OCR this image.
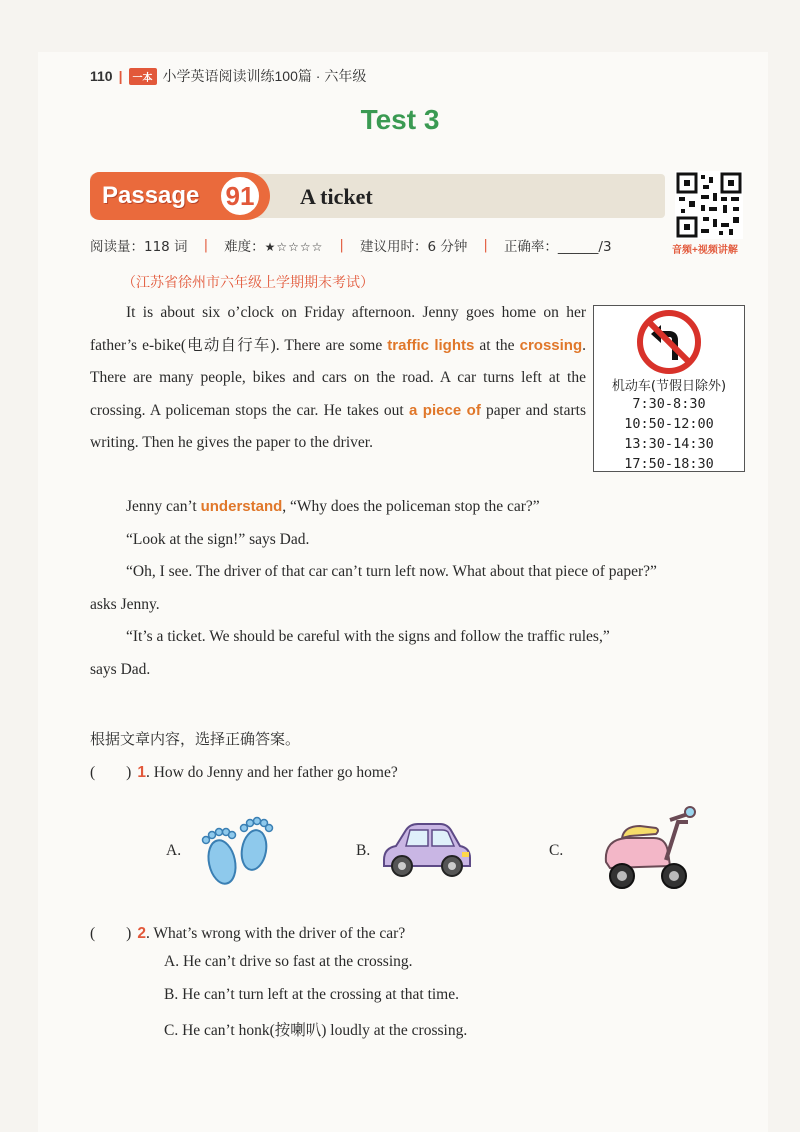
110 |	一本 小学英语阅读训练100篇 · 六年级
Test 3
Passage 91	A ticket
音频+视频讲解
阅读量：118 词 | 难度：★☆☆☆☆ | 建议用时：6 分钟 | 正确率：______/3
（江苏省徐州市六年级上学期期末考试）
It is about six o’clock on Friday afternoon. Jenny goes home on her father’s e-bike(电动自行车). There are some traffic lights at the crossing. There are many people, bikes and cars on the road. A car turns left at the crossing. A policeman stops the car. He takes out a piece of paper and starts writing. Then he gives the paper to the driver.
机动车(节假日除外)
7:30-8:30
10:50-12:00
13:30-14:30
17:50-18:30
Jenny can’t understand, “Why does the policeman stop the car?”
“Look at the sign!” says Dad.
“Oh, I see. The driver of that car can’t turn left now. What about that piece of paper?”
asks Jenny.
“It’s a ticket. We should be careful with the signs and follow the traffic rules,”
says Dad.
根据文章内容，选择正确答案。
(　　) 1. How do Jenny and her father go home?
A.	B.	C.
(　　) 2. What’s wrong with the driver of the car?
A. He can’t drive so fast at the crossing.
B. He can’t turn left at the crossing at that time.
C. He can’t honk(按喇叭) loudly at the crossing.
